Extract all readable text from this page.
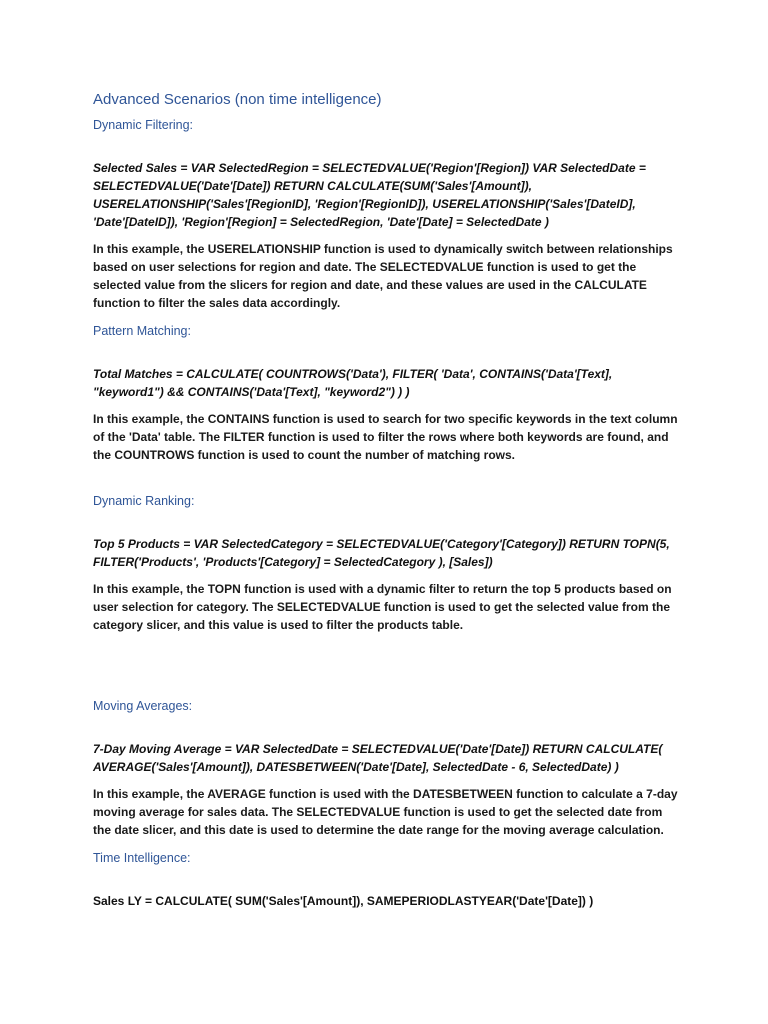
Advanced Scenarios (non time intelligence)
Dynamic Filtering:
Selected Sales = VAR SelectedRegion = SELECTEDVALUE('Region'[Region]) VAR SelectedDate = SELECTEDVALUE('Date'[Date]) RETURN CALCULATE(SUM('Sales'[Amount]), USERELATIONSHIP('Sales'[RegionID], 'Region'[RegionID]), USERELATIONSHIP('Sales'[DateID], 'Date'[DateID]), 'Region'[Region] = SelectedRegion, 'Date'[Date] = SelectedDate )
In this example, the USERELATIONSHIP function is used to dynamically switch between relationships based on user selections for region and date. The SELECTEDVALUE function is used to get the selected value from the slicers for region and date, and these values are used in the CALCULATE function to filter the sales data accordingly.
Pattern Matching:
Total Matches = CALCULATE( COUNTROWS('Data'), FILTER( 'Data', CONTAINS('Data'[Text], "keyword1") && CONTAINS('Data'[Text], "keyword2") ) )
In this example, the CONTAINS function is used to search for two specific keywords in the text column of the 'Data' table. The FILTER function is used to filter the rows where both keywords are found, and the COUNTROWS function is used to count the number of matching rows.
Dynamic Ranking:
Top 5 Products = VAR SelectedCategory = SELECTEDVALUE('Category'[Category]) RETURN TOPN(5, FILTER('Products', 'Products'[Category] = SelectedCategory ), [Sales])
In this example, the TOPN function is used with a dynamic filter to return the top 5 products based on user selection for category. The SELECTEDVALUE function is used to get the selected value from the category slicer, and this value is used to filter the products table.
Moving Averages:
7-Day Moving Average = VAR SelectedDate = SELECTEDVALUE('Date'[Date]) RETURN CALCULATE( AVERAGE('Sales'[Amount]), DATESBETWEEN('Date'[Date], SelectedDate - 6, SelectedDate) )
In this example, the AVERAGE function is used with the DATESBETWEEN function to calculate a 7-day moving average for sales data. The SELECTEDVALUE function is used to get the selected date from the date slicer, and this date is used to determine the date range for the moving average calculation.
Time Intelligence:
Sales LY = CALCULATE( SUM('Sales'[Amount]), SAMEPERIODLASTYEAR('Date'[Date]) )
